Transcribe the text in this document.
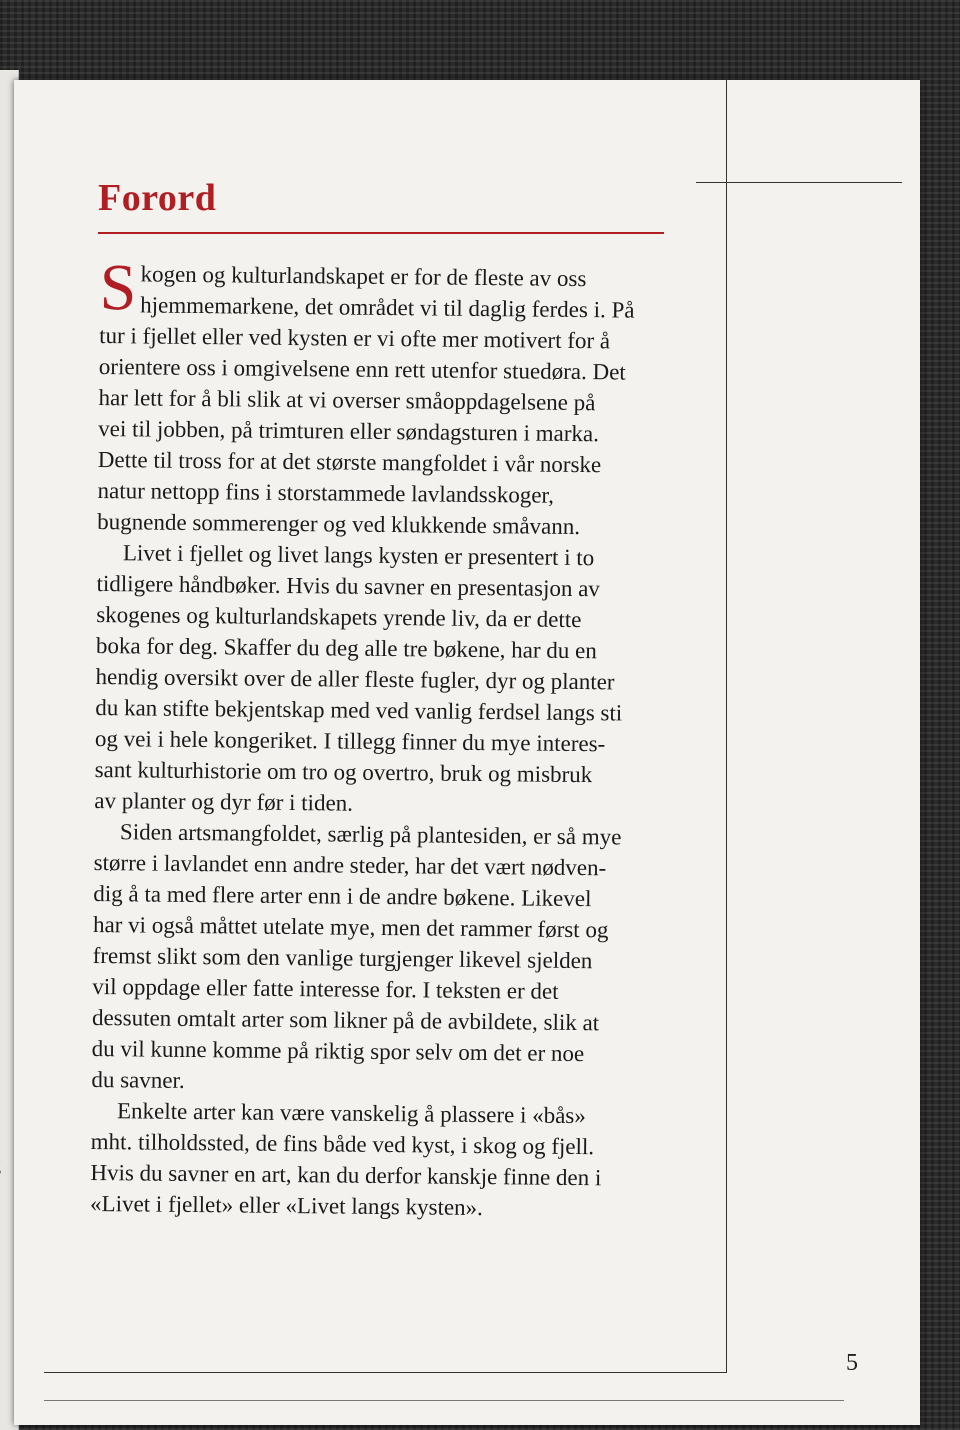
Forord

S kogen og kulturlandskapet er for de fleste av oss
hjemmemarkene, det området vi til daglig ferdes i. På
tur i fjellet eller ved kysten er vi ofte mer motivert for å
orientere oss i omgivelsene enn rett utenfor stuedøra. Det
har lett for å bli slik at vi overser småoppdagelsene på
vei til jobben, på trimturen eller søndagsturen i marka.
Dette til tross for at det største mangfoldet i vår norske
natur nettopp fins i storstammede lavlandsskoger,
bugnende sommerenger og ved klukkende småvann.

Livet i fjellet og livet langs kysten er presentert i to
tidligere håndbøker. Hvis du savner en presentasjon av
skogenes og kulturlandskapets yrende liv, da er dette
boka for deg. Skaffer du deg alle tre bøkene, har du en
hendig oversikt over de aller fleste fugler, dyr og planter
du kan stifte bekjentskap med ved vanlig ferdsel langs sti
og vei i hele kongeriket. I tillegg finner du mye interes-
sant kulturhistorie om tro og overtro, bruk og misbruk
av planter og dyr før i tiden.

Siden artsmangfoldet, særlig på plantesiden, er så mye
større i lavlandet enn andre steder, har det vært nødven-
dig å ta med flere arter enn i de andre bøkene. Likevel
har vi også måttet utelate mye, men det rammer først og
fremst slikt som den vanlige turgjenger likevel sjelden
vil oppdage eller fatte interesse for. I teksten er det
dessuten omtalt arter som likner på de avbildete, slik at
du vil kunne komme på riktig spor selv om det er noe
du savner.

Enkelte arter kan være vanskelig å plassere i «bås»
mht. tilholdssted, de fins både ved kyst, i skog og fjell.
Hvis du savner en art, kan du derfor kanskje finne den i
«Livet i fjellet» eller «Livet langs kysten».

5
